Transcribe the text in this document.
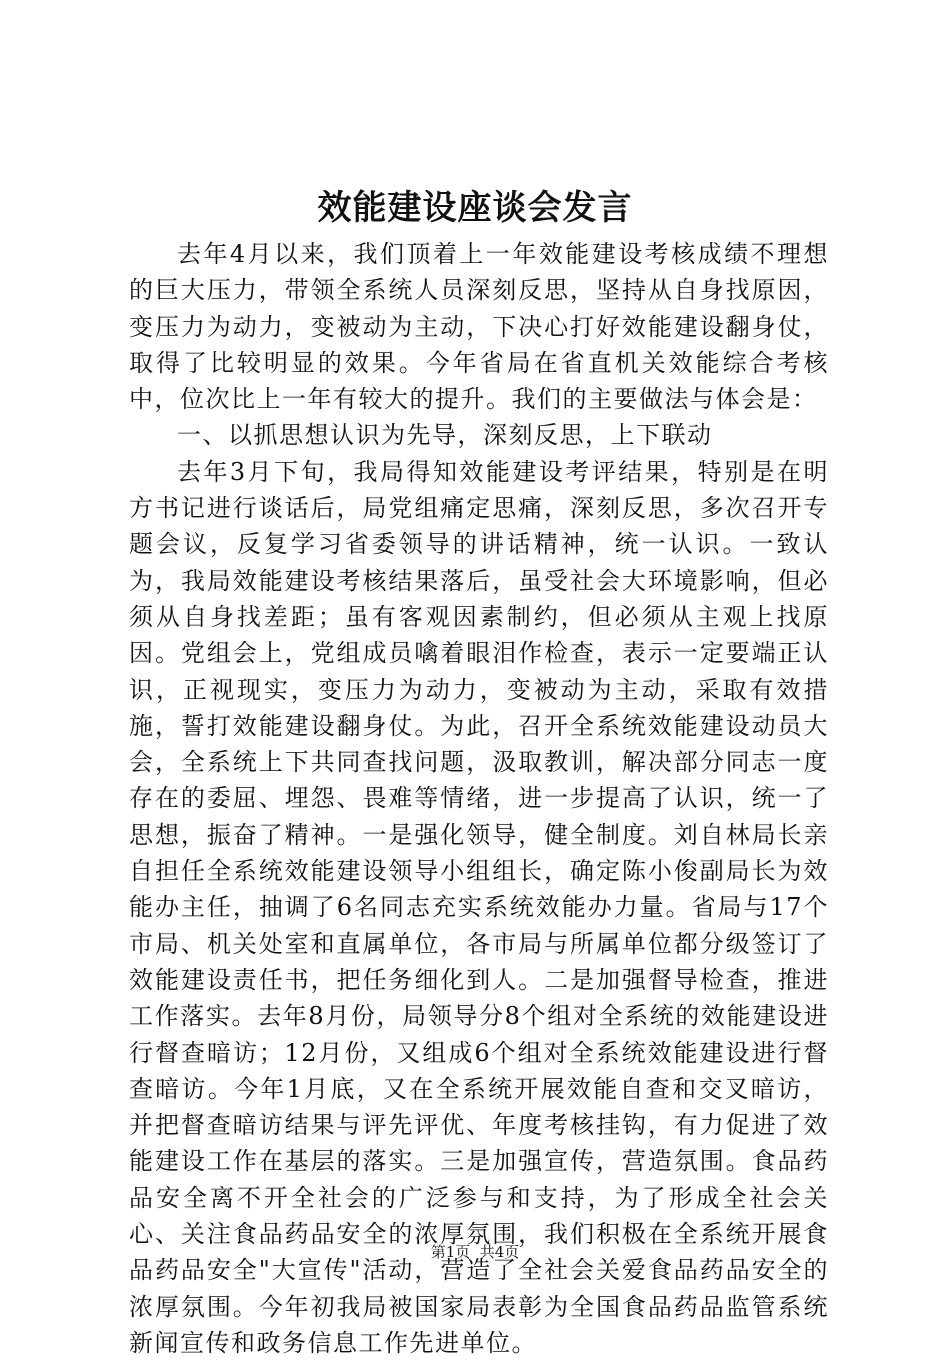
效能建设座谈会发言

去年4月以来，我们顶着上一年效能建设考核成绩不理想的巨大压力，带领全系统人员深刻反思，坚持从自身找原因，变压力为动力，变被动为主动，下决心打好效能建设翻身仗，取得了比较明显的效果。今年省局在省直机关效能综合考核中，位次比上一年有较大的提升。我们的主要做法与体会是：

一、以抓思想认识为先导，深刻反思，上下联动

去年3月下旬，我局得知效能建设考评结果，特别是在明方书记进行谈话后，局党组痛定思痛，深刻反思，多次召开专题会议，反复学习省委领导的讲话精神，统一认识。一致认为，我局效能建设考核结果落后，虽受社会大环境影响，但必须从自身找差距；虽有客观因素制约，但必须从主观上找原因。党组会上，党组成员噙着眼泪作检查，表示一定要端正认识，正视现实，变压力为动力，变被动为主动，采取有效措施，誓打效能建设翻身仗。为此，召开全系统效能建设动员大会，全系统上下共同查找问题，汲取教训，解决部分同志一度存在的委屈、埋怨、畏难等情绪，进一步提高了认识，统一了思想，振奋了精神。一是强化领导，健全制度。刘自林局长亲自担任全系统效能建设领导小组组长，确定陈小俊副局长为效能办主任，抽调了6名同志充实系统效能办力量。省局与17个市局、机关处室和直属单位，各市局与所属单位都分级签订了效能建设责任书，把任务细化到人。二是加强督导检查，推进工作落实。去年8月份，局领导分8个组对全系统的效能建设进行督查暗访；12月份，又组成6个组对全系统效能建设进行督查暗访。今年1月底，又在全系统开展效能自查和交叉暗访，并把督查暗访结果与评先评优、年度考核挂钩，有力促进了效能建设工作在基层的落实。三是加强宣传，营造氛围。食品药品安全离不开全社会的广泛参与和支持，为了形成全社会关心、关注食品药品安全的浓厚氛围，我们积极在全系统开展食品药品安全"大宣传"活动，营造了全社会关爱食品药品安全的浓厚氛围。今年初我局被国家局表彰为全国食品药品监管系统新闻宣传和政务信息工作先进单位。

第1页  共4页
